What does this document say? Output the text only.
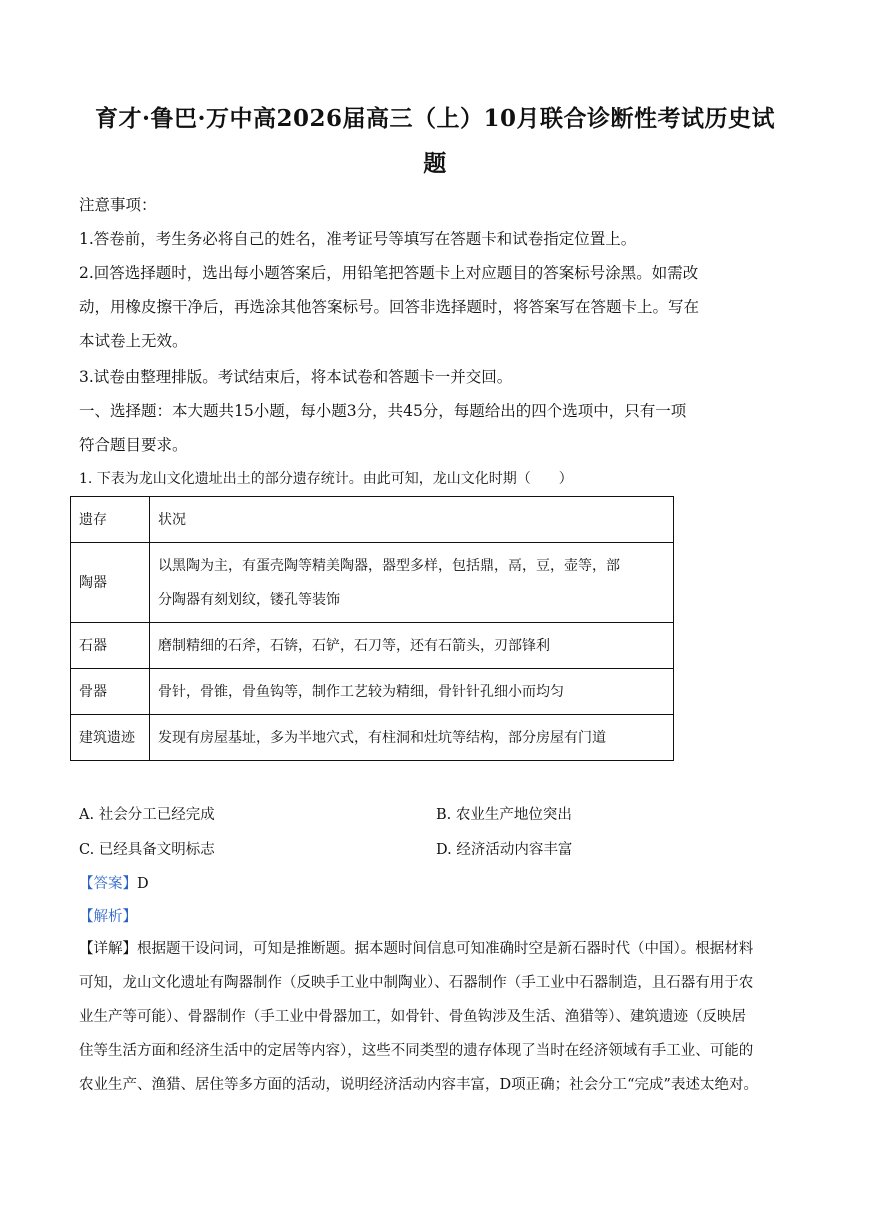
育才·鲁巴·万中高2026届高三（上）10月联合诊断性考试历史试
题
注意事项：
1.答卷前，考生务必将自己的姓名，准考证号等填写在答题卡和试卷指定位置上。
2.回答选择题时，选出每小题答案后，用铅笔把答题卡上对应题目的答案标号涂黑。如需改
动，用橡皮擦干净后，再选涂其他答案标号。回答非选择题时，将答案写在答题卡上。写在
本试卷上无效。
3.试卷由整理排版。考试结束后，将本试卷和答题卡一并交回。
一、选择题：本大题共15小题，每小题3分，共45分，每题给出的四个选项中，只有一项
符合题目要求。
1. 下表为龙山文化遗址出土的部分遗存统计。由此可知，龙山文化时期（　　）
遗存	状况
陶器	以黑陶为主，有蛋壳陶等精美陶器，器型多样，包括鼎，鬲，豆，壶等，部
分陶器有刻划纹，镂孔等装饰

石器	磨制精细的石斧，石锛，石铲，石刀等，还有石箭头，刃部锋利
骨器	骨针，骨锥，骨鱼钩等，制作工艺较为精细，骨针针孔细小而均匀
建筑遗迹	发现有房屋基址，多为半地穴式，有柱洞和灶坑等结构，部分房屋有门道
A. 社会分工已经完成	B. 农业生产地位突出
C. 已经具备文明标志	D. 经济活动内容丰富
【答案】D
【解析】
【详解】根据题干设问词，可知是推断题。据本题时间信息可知准确时空是新石器时代（中国）。根据材料
可知，龙山文化遗址有陶器制作（反映手工业中制陶业）、石器制作（手工业中石器制造，且石器有用于农
业生产等可能）、骨器制作（手工业中骨器加工，如骨针、骨鱼钩涉及生活、渔猎等）、建筑遗迹（反映居
住等生活方面和经济生活中的定居等内容），这些不同类型的遗存体现了当时在经济领域有手工业、可能的
农业生产、渔猎、居住等多方面的活动，说明经济活动内容丰富，D项正确；社会分工“完成”表述太绝对。
